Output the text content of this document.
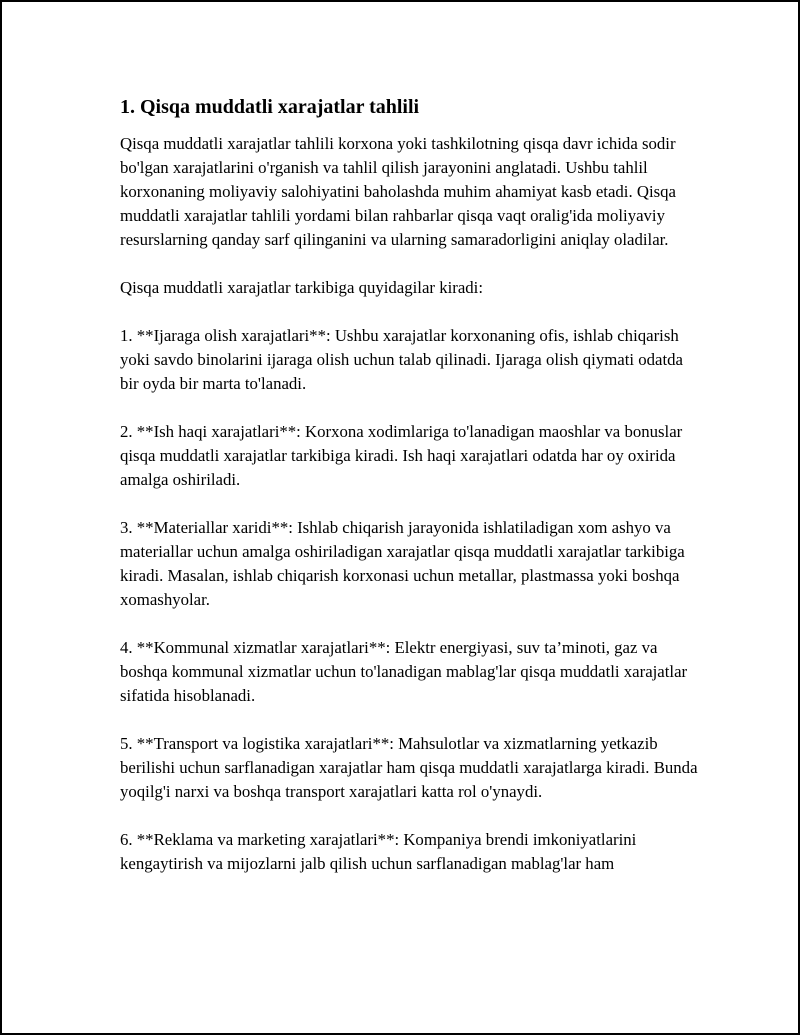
1. Qisqa muddatli xarajatlar tahlili

Qisqa muddatli xarajatlar tahlili korxona yoki tashkilotning qisqa davr ichida sodir bo'lgan xarajatlarini o'rganish va tahlil qilish jarayonini anglatadi. Ushbu tahlil korxonaning moliyaviy salohiyatini baholashda muhim ahamiyat kasb etadi. Qisqa muddatli xarajatlar tahlili yordami bilan rahbarlar qisqa vaqt oralig'ida moliyaviy resurslarning qanday sarf qilinganini va ularning samaradorligini aniqlay oladilar.

Qisqa muddatli xarajatlar tarkibiga quyidagilar kiradi:

1. **Ijaraga olish xarajatlari**: Ushbu xarajatlar korxonaning ofis, ishlab chiqarish yoki savdo binolarini ijaraga olish uchun talab qilinadi. Ijaraga olish qiymati odatda bir oyda bir marta to'lanadi.

2. **Ish haqi xarajatlari**: Korxona xodimlariga to'lanadigan maoshlar va bonuslar qisqa muddatli xarajatlar tarkibiga kiradi. Ish haqi xarajatlari odatda har oy oxirida amalga oshiriladi.

3. **Materiallar xaridi**: Ishlab chiqarish jarayonida ishlatiladigan xom ashyo va materiallar uchun amalga oshiriladigan xarajatlar qisqa muddatli xarajatlar tarkibiga kiradi. Masalan, ishlab chiqarish korxonasi uchun metallar, plastmassa yoki boshqa xomashyolar.

4. **Kommunal xizmatlar xarajatlari**: Elektr energiyasi, suv ta’minoti, gaz va boshqa kommunal xizmatlar uchun to'lanadigan mablag'lar qisqa muddatli xarajatlar sifatida hisoblanadi.

5. **Transport va logistika xarajatlari**: Mahsulotlar va xizmatlarning yetkazib berilishi uchun sarflanadigan xarajatlar ham qisqa muddatli xarajatlarga kiradi. Bunda yoqilg'i narxi va boshqa transport xarajatlari katta rol o'ynaydi.

6. **Reklama va marketing xarajatlari**: Kompaniya brendi imkoniyatlarini kengaytirish va mijozlarni jalb qilish uchun sarflanadigan mablag'lar ham
